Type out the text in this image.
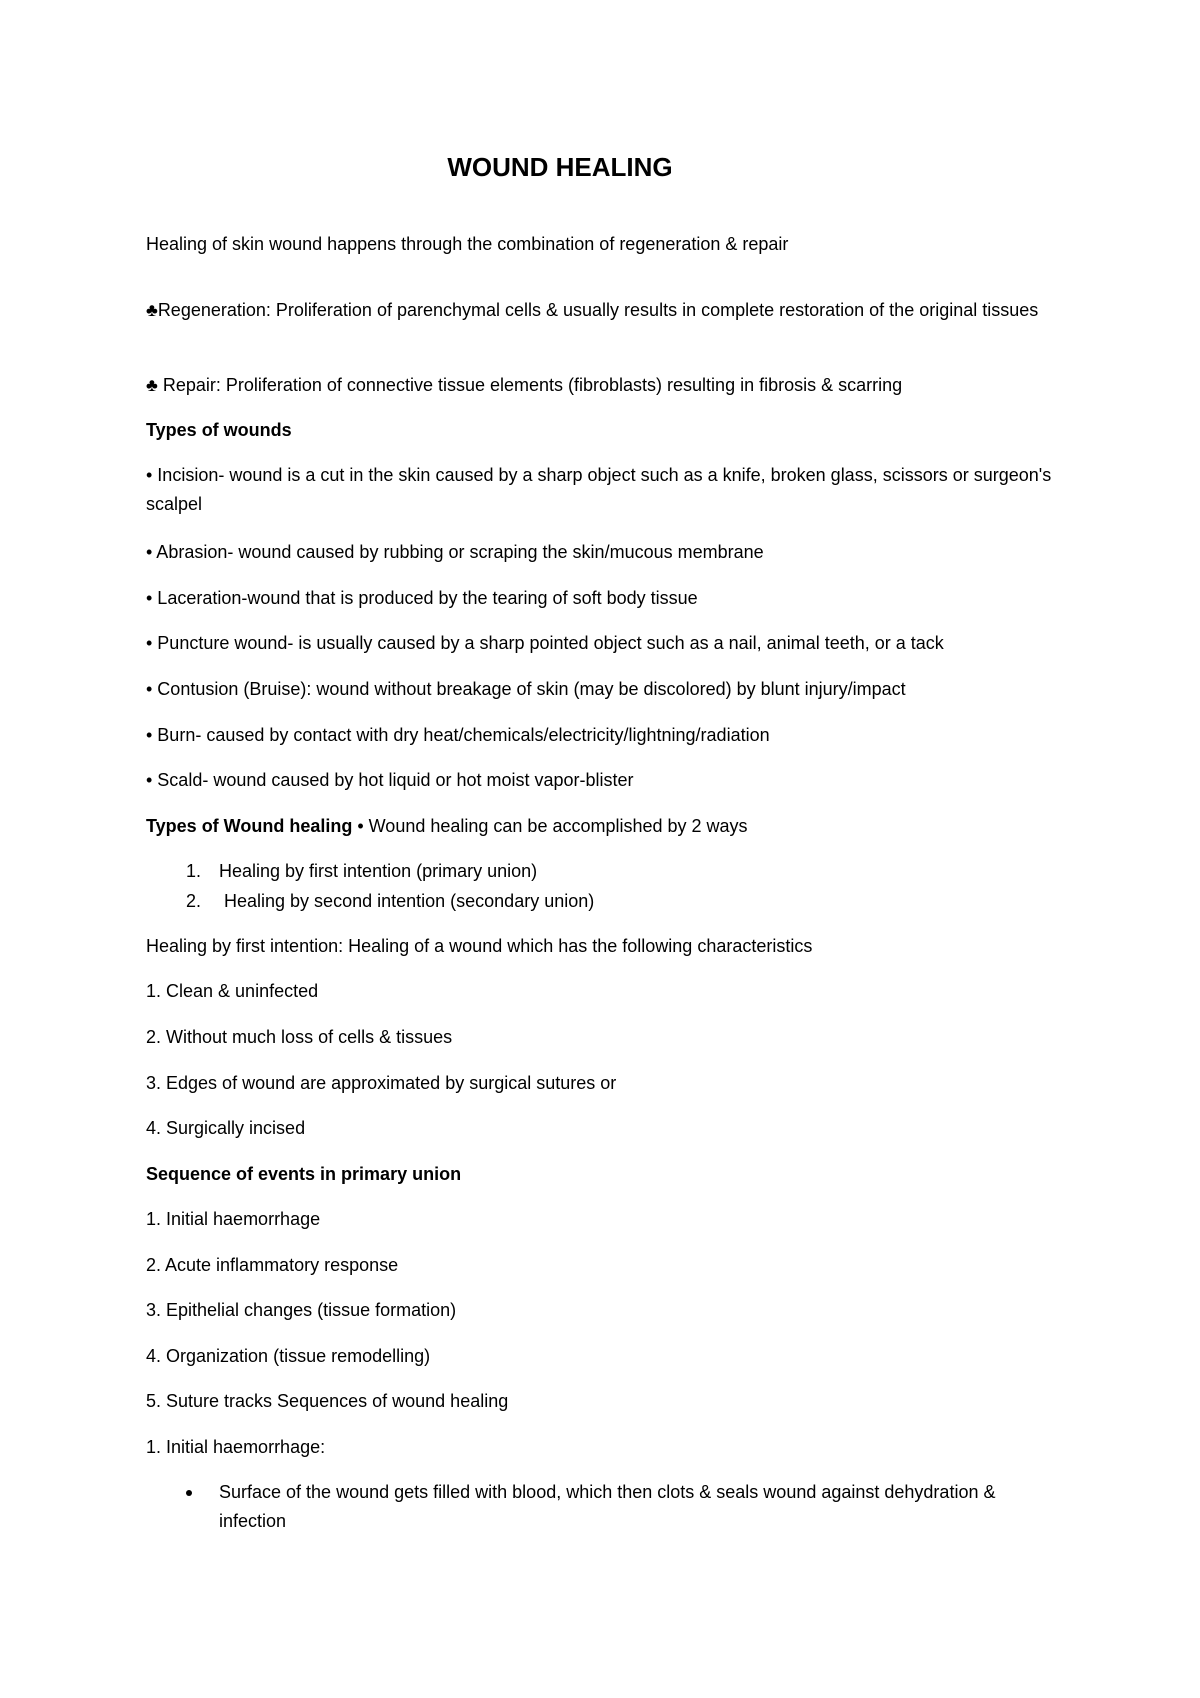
WOUND HEALING

Healing of skin wound happens through the combination of regeneration & repair

♣Regeneration: Proliferation of parenchymal cells & usually results in complete restoration of the original tissues

♣ Repair: Proliferation of connective tissue elements (fibroblasts) resulting in fibrosis & scarring

Types of wounds

• Incision- wound is a cut in the skin caused by a sharp object such as a knife, broken glass, scissors or surgeon's scalpel

• Abrasion- wound caused by rubbing or scraping the skin/mucous membrane

• Laceration-wound that is produced by the tearing of soft body tissue

• Puncture wound- is usually caused by a sharp pointed object such as a nail, animal teeth, or a tack

• Contusion (Bruise): wound without breakage of skin (may be discolored) by blunt injury/impact

• Burn- caused by contact with dry heat/chemicals/electricity/lightning/radiation

• Scald- wound caused by hot liquid or hot moist vapor-blister

Types of Wound healing • Wound healing can be accomplished by 2 ways

1. Healing by first intention (primary union)
2. Healing by second intention (secondary union)

Healing by first intention: Healing of a wound which has the following characteristics

1. Clean & uninfected

2. Without much loss of cells & tissues

3. Edges of wound are approximated by surgical sutures or

4. Surgically incised

Sequence of events in primary union

1. Initial haemorrhage

2. Acute inflammatory response

3. Epithelial changes (tissue formation)

4. Organization (tissue remodelling)

5. Suture tracks Sequences of wound healing

1. Initial haemorrhage:

Surface of the wound gets filled with blood, which then clots & seals wound against dehydration & infection
